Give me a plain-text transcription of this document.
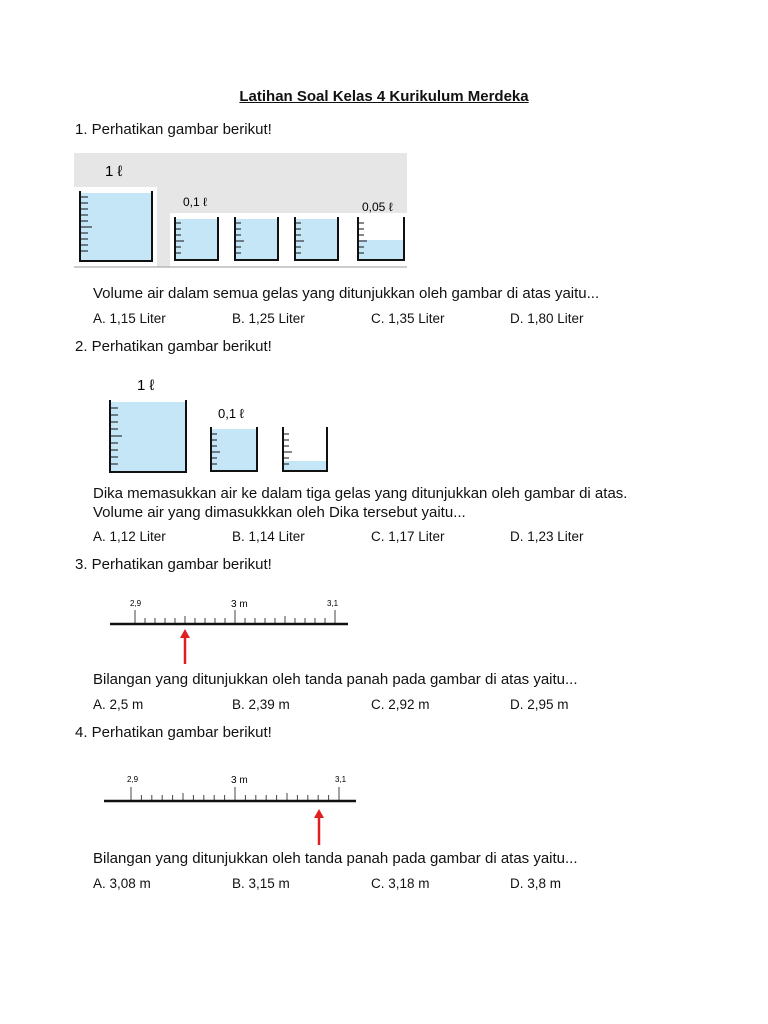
Latihan Soal Kelas 4 Kurikulum Merdeka
1. Perhatikan gambar berikut!
1 ℓ
0,1 ℓ	0,05 ℓ
Volume air dalam semua gelas yang ditunjukkan oleh gambar di atas yaitu...
A. 1,15 Liter	B. 1,25 Liter	C. 1,35 Liter	D. 1,80 Liter
2. Perhatikan gambar berikut!
1 ℓ
0,1 ℓ
Dika memasukkan air ke dalam tiga gelas yang ditunjukkan oleh gambar di atas.
Volume air yang dimasukkkan oleh Dika tersebut yaitu...
A. 1,12 Liter	B. 1,14 Liter	C. 1,17 Liter	D. 1,23 Liter
3. Perhatikan gambar berikut!
2,9	3 m	3,1
Bilangan yang ditunjukkan oleh tanda panah pada gambar di atas yaitu...
A. 2,5 m	B. 2,39 m	C. 2,92 m	D. 2,95 m
4. Perhatikan gambar berikut!
2,9	3 m	3,1
Bilangan yang ditunjukkan oleh tanda panah pada gambar di atas yaitu...
A. 3,08 m	B. 3,15 m	C. 3,18 m	D. 3,8 m
